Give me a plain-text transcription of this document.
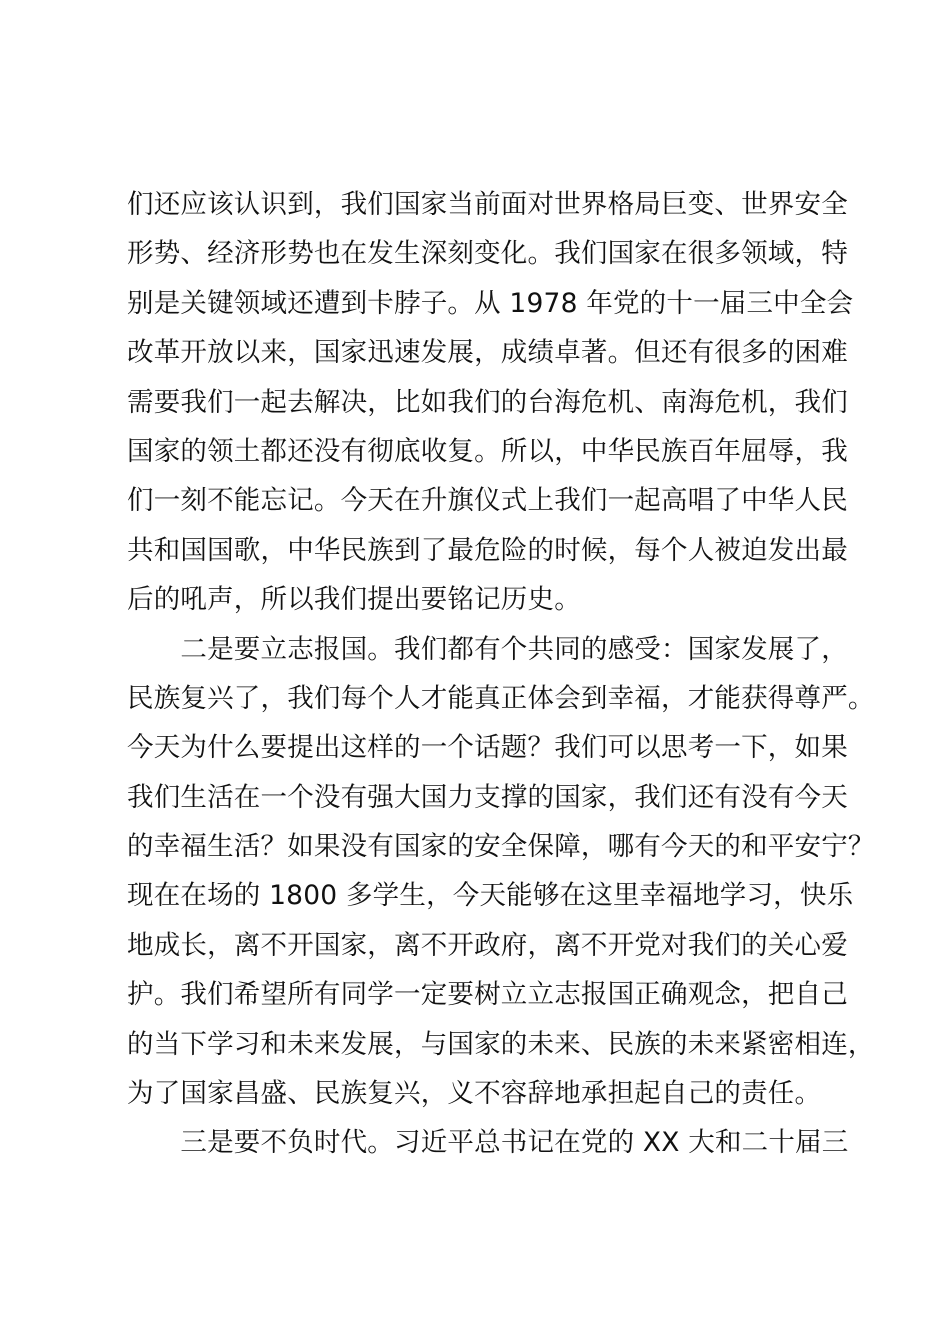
们还应该认识到，我们国家当前面对世界格局巨变、世界安全
形势、经济形势也在发生深刻变化。我们国家在很多领域，特
别是关键领域还遭到卡脖子。从 1978 年党的十一届三中全会
改革开放以来，国家迅速发展，成绩卓著。但还有很多的困难
需要我们一起去解决，比如我们的台海危机、南海危机，我们
国家的领土都还没有彻底收复。所以，中华民族百年屈辱，我
们一刻不能忘记。今天在升旗仪式上我们一起高唱了中华人民
共和国国歌，中华民族到了最危险的时候，每个人被迫发出最
后的吼声，所以我们提出要铭记历史。
　　二是要立志报国。我们都有个共同的感受：国家发展了，
民族复兴了，我们每个人才能真正体会到幸福，才能获得尊严。
今天为什么要提出这样的一个话题？我们可以思考一下，如果
我们生活在一个没有强大国力支撑的国家，我们还有没有今天
的幸福生活？如果没有国家的安全保障，哪有今天的和平安宁？
现在在场的 1800 多学生，今天能够在这里幸福地学习，快乐
地成长，离不开国家，离不开政府，离不开党对我们的关心爱
护。我们希望所有同学一定要树立立志报国正确观念，把自己
的当下学习和未来发展，与国家的未来、民族的未来紧密相连，
为了国家昌盛、民族复兴，义不容辞地承担起自己的责任。
　　三是要不负时代。习近平总书记在党的 XX 大和二十届三
